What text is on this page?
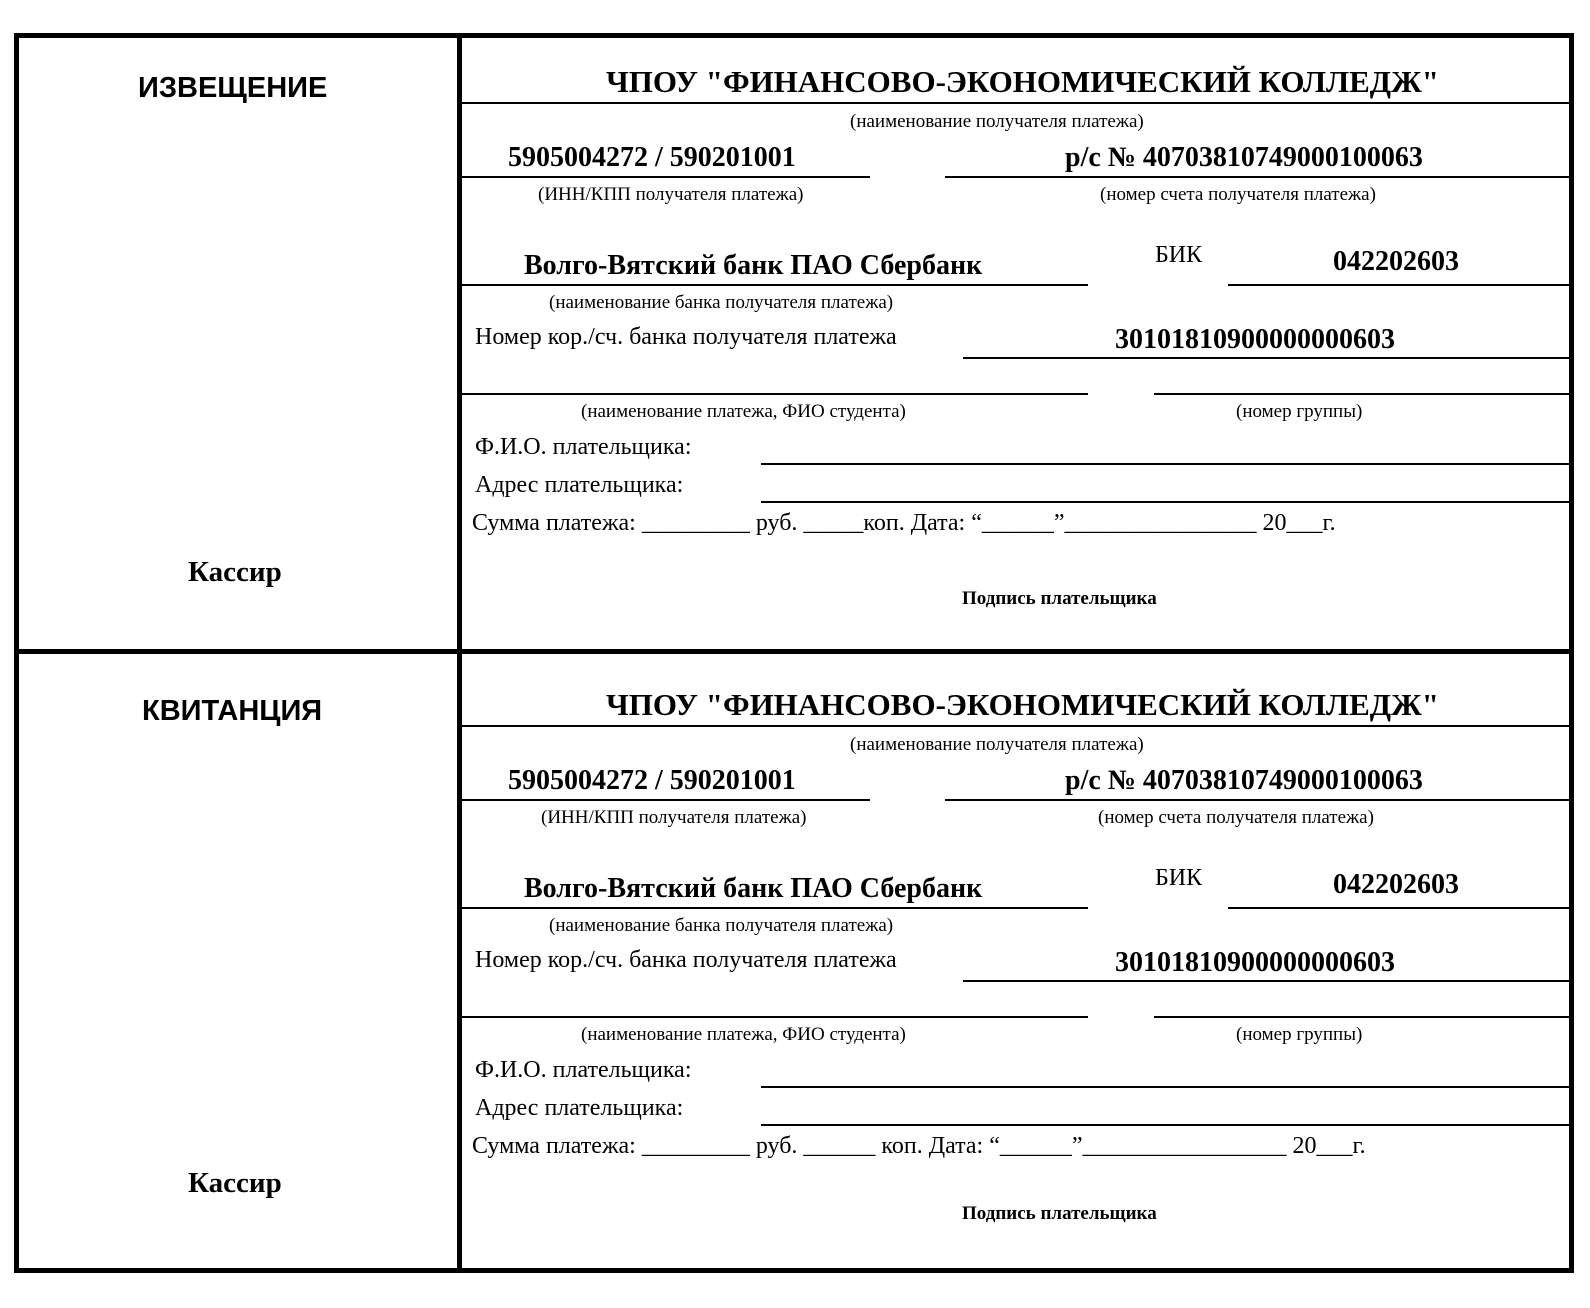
ИЗВЕЩЕНИЕ
Кассир
ЧПОУ "ФИНАНСОВО-ЭКОНОМИЧЕСКИЙ КОЛЛЕДЖ"
(наименование получателя платежа)
5905004272 / 590201001	р/с № 40703810749000100063
(ИНН/КПП получателя платежа)	(номер счета получателя платежа)
Волго-Вятский банк ПАО Сбербанк	БИК	042202603
(наименование банка получателя платежа)
Номер кор./сч. банка получателя платежа	30101810900000000603
(наименование платежа, ФИО студента)	(номер группы)
Ф.И.О. плательщика:
Адрес плательщика:
Сумма платежа: _________ руб. _____коп. Дата: “______”________________ 20___г.
Подпись плательщика
КВИТАНЦИЯ
Кассир
ЧПОУ "ФИНАНСОВО-ЭКОНОМИЧЕСКИЙ КОЛЛЕДЖ"
(наименование получателя платежа)
5905004272 / 590201001	р/с № 40703810749000100063
(ИНН/КПП получателя платежа)	(номер счета получателя платежа)
Волго-Вятский банк ПАО Сбербанк	БИК	042202603
(наименование банка получателя платежа)
Номер кор./сч. банка получателя платежа	30101810900000000603
(наименование платежа, ФИО студента)	(номер группы)
Ф.И.О. плательщика:
Адрес плательщика:
Сумма платежа: _________ руб. ______ коп. Дата: “______”_________________ 20___г.
Подпись плательщика
